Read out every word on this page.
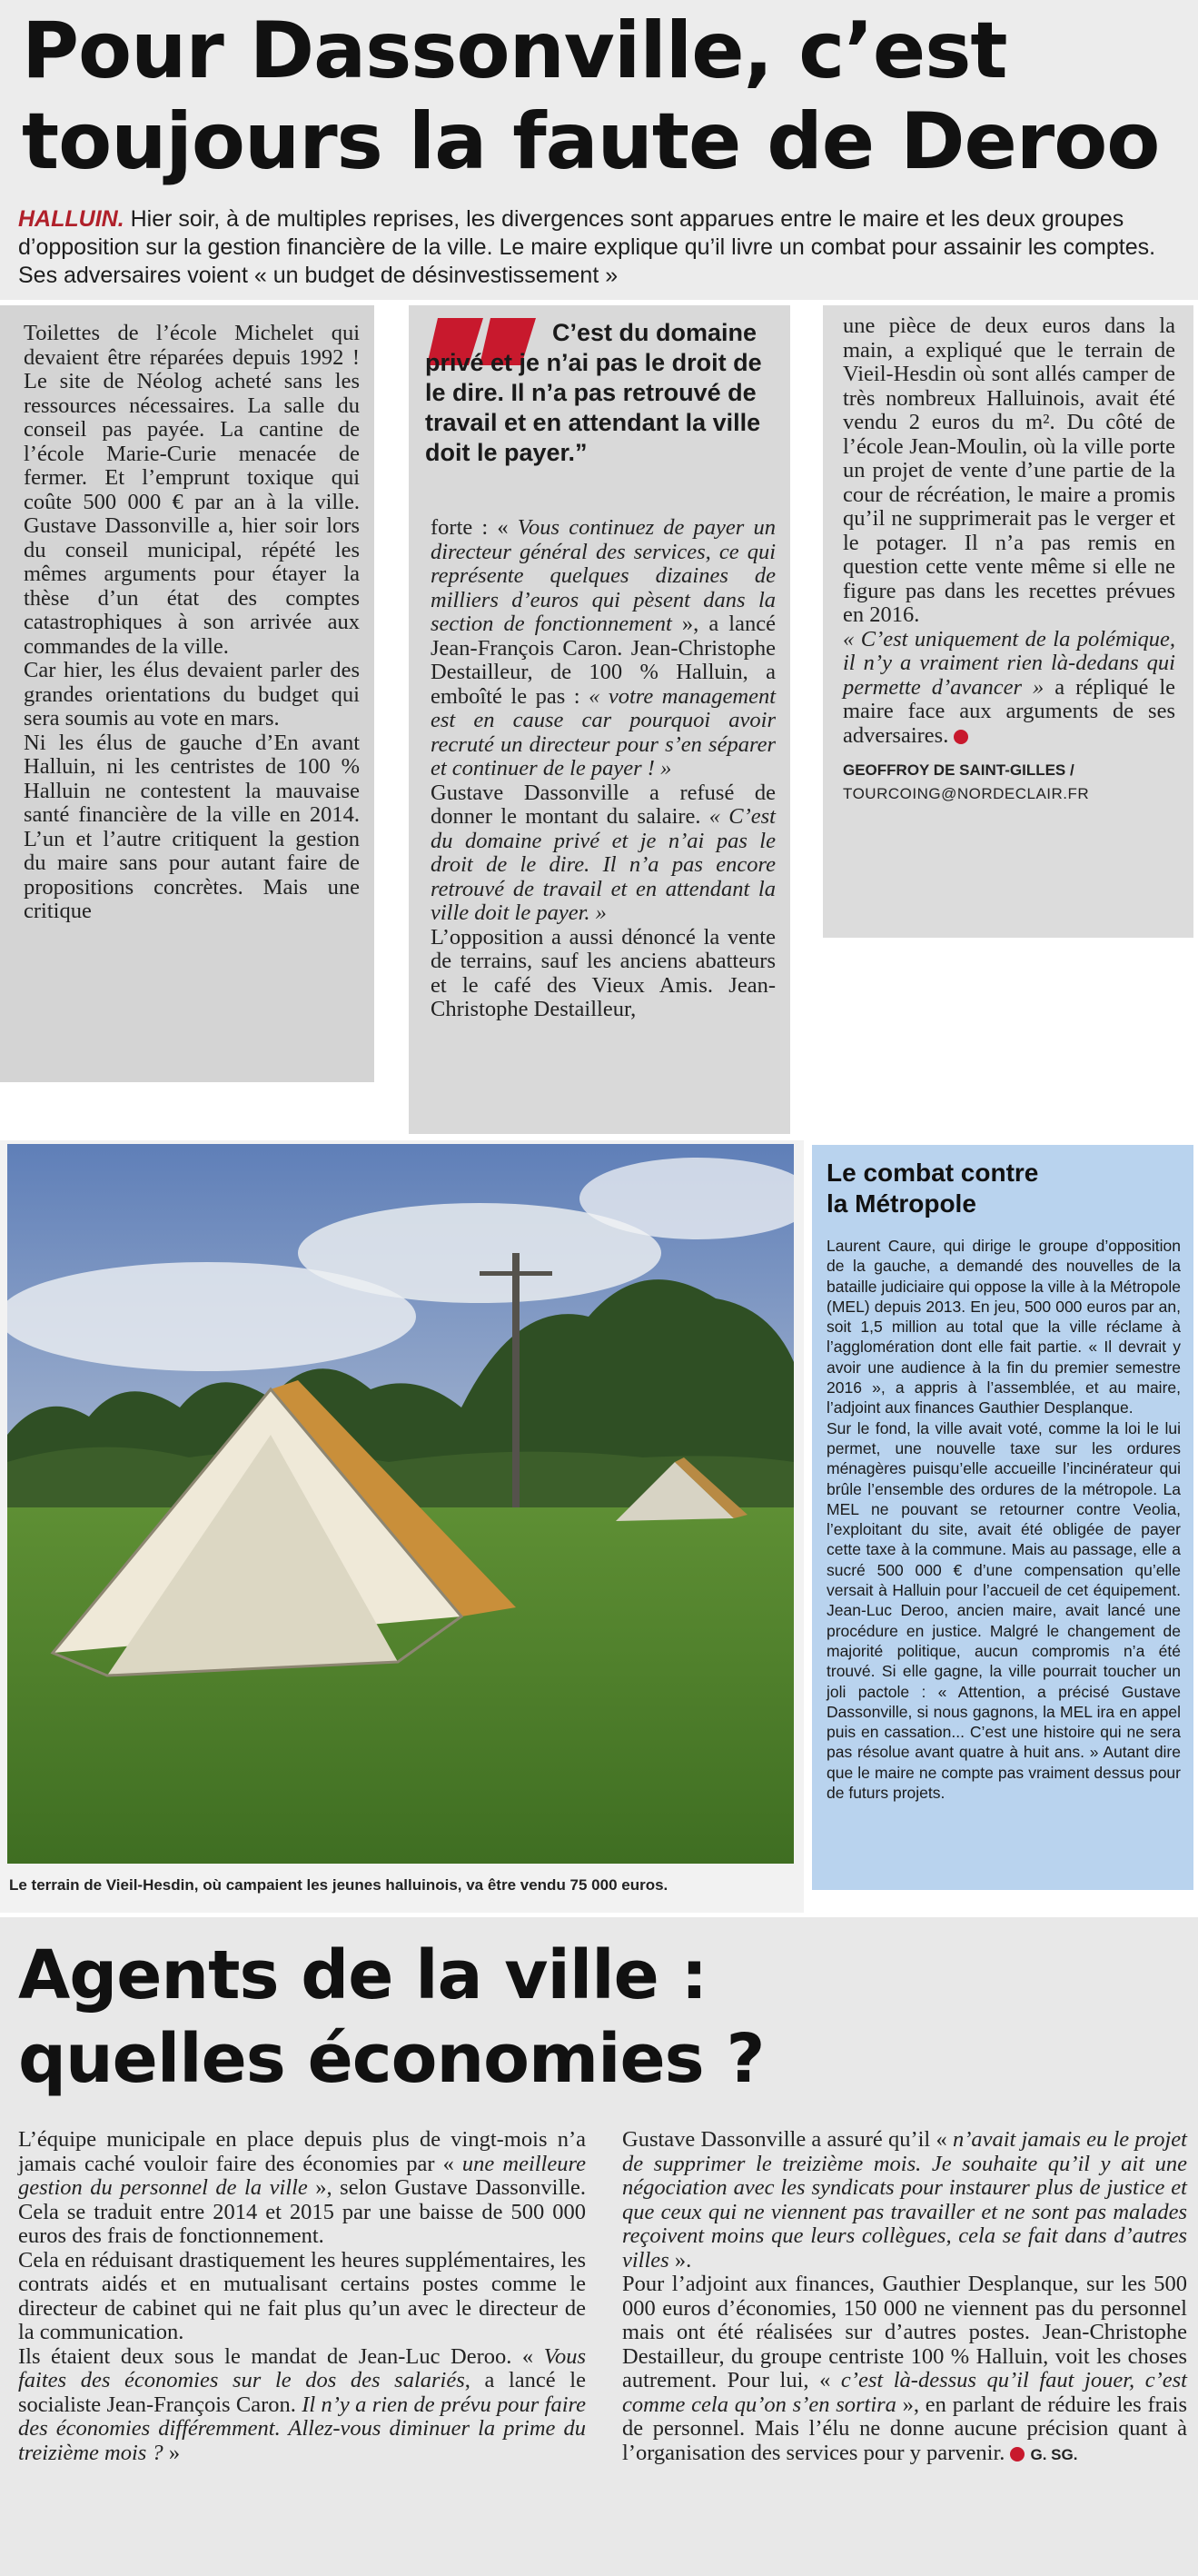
Pour Dassonville, c’est
toujours la faute de Deroo
HALLUIN. Hier soir, à de multiples reprises, les divergences sont apparues entre le maire et les deux groupes d’opposition sur la gestion financière de la ville. Le maire explique qu’il livre un combat pour assainir les comptes. Ses adversaires voient « un budget de désinvestissement »

Toilettes de l’école Michelet qui devaient être réparées depuis 1992 ! Le site de Néolog acheté sans les ressources nécessaires. La salle du conseil pas payée. La cantine de l’école Marie-Curie menacée de fermer. Et l’emprunt toxique qui coûte 500 000 € par an à la ville. Gustave Dassonville a, hier soir lors du conseil municipal, répété les mêmes arguments pour étayer la thèse d’un état des comptes catastrophiques à son arrivée aux commandes de la ville.

Car hier, les élus devaient parler des grandes orientations du budget qui sera soumis au vote en mars.

Ni les élus de gauche d’En avant Halluin, ni les centristes de 100 % Halluin ne contestent la mauvaise santé financière de la ville en 2014. L’un et l’autre critiquent la gestion du maire sans pour autant faire de propositions concrètes. Mais une critique

C’est du domaine privé et je n’ai pas le droit de le dire. Il n’a pas retrouvé de travail et en attendant la ville doit le payer.”

forte : « Vous continuez de payer un directeur général des services, ce qui représente quelques dizaines de milliers d’euros qui pèsent dans la section de fonctionnement », a lancé Jean-François Caron. Jean-Christophe Destailleur, de 100 % Halluin, a emboîté le pas : « votre management est en cause car pourquoi avoir recruté un directeur pour s’en séparer et continuer de le payer ! »

Gustave Dassonville a refusé de donner le montant du salaire. « C’est du domaine privé et je n’ai pas le droit de le dire. Il n’a pas encore retrouvé de travail et en attendant la ville doit le payer. »

L’opposition a aussi dénoncé la vente de terrains, sauf les anciens abatteurs et le café des Vieux Amis. Jean-Christophe Destailleur,

une pièce de deux euros dans la main, a expliqué que le terrain de Vieil-Hesdin où sont allés camper de très nombreux Halluinois, avait été vendu 2 euros du m². Du côté de l’école Jean-Moulin, où la ville porte un projet de vente d’une partie de la cour de récréation, le maire a promis qu’il ne supprimerait pas le verger et le potager. Il n’a pas remis en question cette vente même si elle ne figure pas dans les recettes prévues en 2016.

« C’est uniquement de la polémique, il n’y a vraiment rien là-dedans qui permette d’avancer » a répliqué le maire face aux arguments de ses adversaires.

GEOFFROY DE SAINT-GILLES /
TOURCOING@NORDECLAIR.FR
Le terrain de Vieil-Hesdin, où campaient les jeunes halluinois, va être vendu 75 000 euros.
Le combat contre
la Métropole

Laurent Caure, qui dirige le groupe d’opposition de la gauche, a demandé des nouvelles de la bataille judiciaire qui oppose la ville à la Métropole (MEL) depuis 2013. En jeu, 500 000 euros par an, soit 1,5 million au total que la ville réclame à l’agglomération dont elle fait partie. « Il devrait y avoir une audience à la fin du premier semestre 2016 », a appris à l’assemblée, et au maire, l’adjoint aux finances Gauthier Desplanque.

Sur le fond, la ville avait voté, comme la loi le lui permet, une nouvelle taxe sur les ordures ménagères puisqu’elle accueille l’incinérateur qui brûle l’ensemble des ordures de la métropole. La MEL ne pouvant se retourner contre Veolia, l’exploitant du site, avait été obligée de payer cette taxe à la commune. Mais au passage, elle a sucré 500 000 € d’une compensation qu’elle versait à Halluin pour l’accueil de cet équipement. Jean-Luc Deroo, ancien maire, avait lancé une procédure en justice. Malgré le changement de majorité politique, aucun compromis n’a été trouvé. Si elle gagne, la ville pourrait toucher un joli pactole : « Attention, a précisé Gustave Dassonville, si nous gagnons, la MEL ira en appel puis en cassation... C’est une histoire qui ne sera pas résolue avant quatre à huit ans. » Autant dire que le maire ne compte pas vraiment dessus pour de futurs projets.

Agents de la ville :
quelles économies ?

L’équipe municipale en place depuis plus de vingt-mois n’a jamais caché vouloir faire des économies par « une meilleure gestion du personnel de la ville », selon Gustave Dassonville. Cela se traduit entre 2014 et 2015 par une baisse de 500 000 euros des frais de fonctionnement.

Cela en réduisant drastiquement les heures supplémentaires, les contrats aidés et en mutualisant certains postes comme le directeur de cabinet qui ne fait plus qu’un avec le directeur de la communication.

Ils étaient deux sous le mandat de Jean-Luc Deroo. « Vous faites des économies sur le dos des salariés, a lancé le socialiste Jean-François Caron. Il n’y a rien de prévu pour faire des économies différemment. Allez-vous diminuer la prime du treizième mois ? »

Gustave Dassonville a assuré qu’il « n’avait jamais eu le projet de supprimer le treizième mois. Je souhaite qu’il y ait une négociation avec les syndicats pour instaurer plus de justice et que ceux qui ne viennent pas travailler et ne sont pas malades reçoivent moins que leurs collègues, cela se fait dans d’autres villes ».

Pour l’adjoint aux finances, Gauthier Desplanque, sur les 500 000 euros d’économies, 150 000 ne viennent pas du personnel mais ont été réalisées sur d’autres postes. Jean-Christophe Destailleur, du groupe centriste 100 % Halluin, voit les choses autrement. Pour lui, « c’est là-dessus qu’il faut jouer, c’est comme cela qu’on s’en sortira », en parlant de réduire les frais de personnel. Mais l’élu ne donne aucune précision quant à l’organisation des services pour y parvenir. G. SG.
